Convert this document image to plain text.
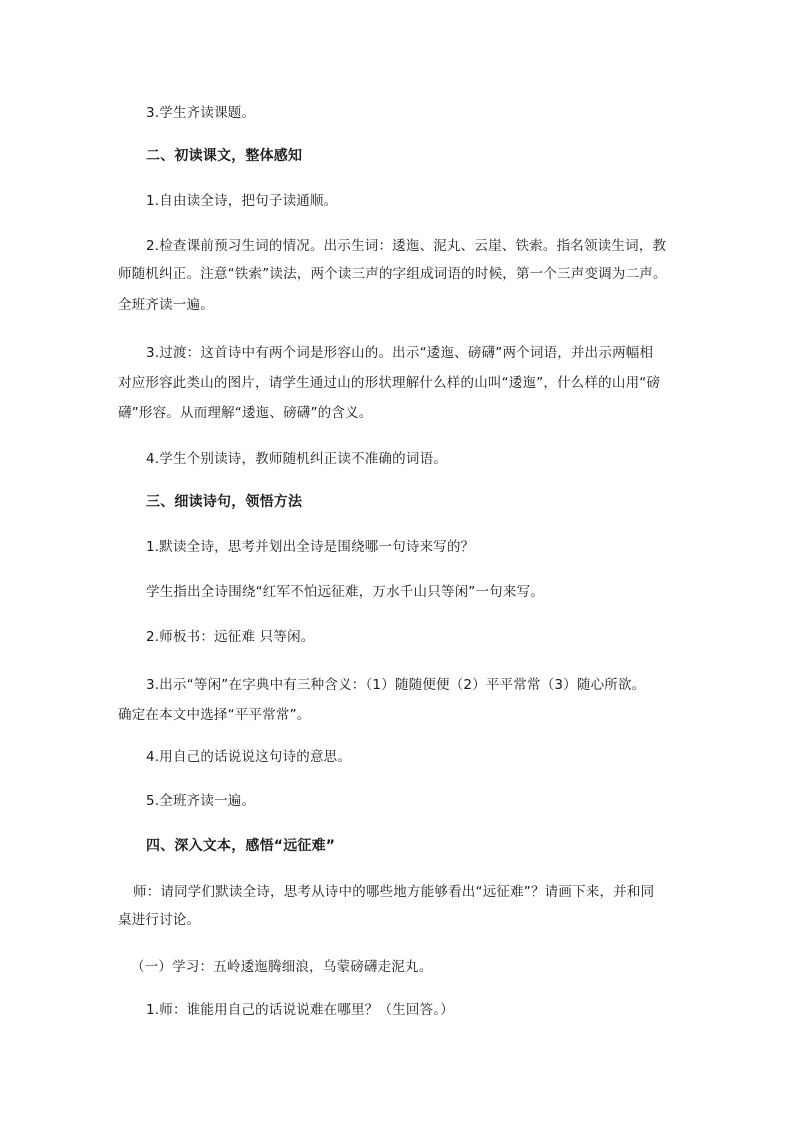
3.学生齐读课题。
二、初读课文，整体感知
1.自由读全诗，把句子读通顺。
2.检查课前预习生词的情况。出示生词：逶迤、泥丸、云崖、铁索。指名领读生词，教
师随机纠正。注意“铁索”读法，两个读三声的字组成词语的时候，第一个三声变调为二声。
全班齐读一遍。
3.过渡：这首诗中有两个词是形容山的。出示“逶迤、磅礴”两个词语，并出示两幅相
对应形容此类山的图片，请学生通过山的形状理解什么样的山叫“逶迤”，什么样的山用“磅
礴”形容。从而理解“逶迤、磅礴”的含义。
4.学生个别读诗，教师随机纠正读不准确的词语。
三、细读诗句，领悟方法
1.默读全诗，思考并划出全诗是围绕哪一句诗来写的？
学生指出全诗围绕“红军不怕远征难，万水千山只等闲”一句来写。
2.师板书：远征难 只等闲。
3.出示“等闲”在字典中有三种含义：（1）随随便便（2）平平常常（3）随心所欲。
确定在本文中选择“平平常常”。
4.用自己的话说说这句诗的意思。
5.全班齐读一遍。
四、深入文本，感悟“远征难”
师：请同学们默读全诗，思考从诗中的哪些地方能够看出“远征难”？请画下来，并和同
桌进行讨论。
（一）学习：五岭逶迤腾细浪，乌蒙磅礴走泥丸。
1.师：谁能用自己的话说说难在哪里？（生回答。）
